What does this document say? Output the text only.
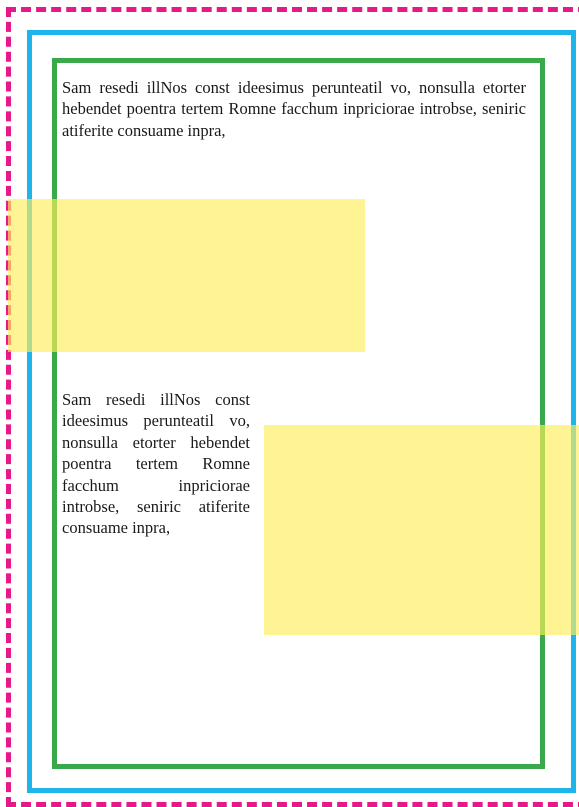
Sam resedi illNos const ideesimus perunteatil vo, nonsulla etorter hebendet poentra tertem Romne facchum inpriciorae introbse, seniric atiferite consuame inpra,

Sam resedi illNos const ideesimus perunteatil vo, nonsulla etorter hebendet poentra tertem Romne facchum inpriciorae introbse, seniric atiferite consuame inpra,
